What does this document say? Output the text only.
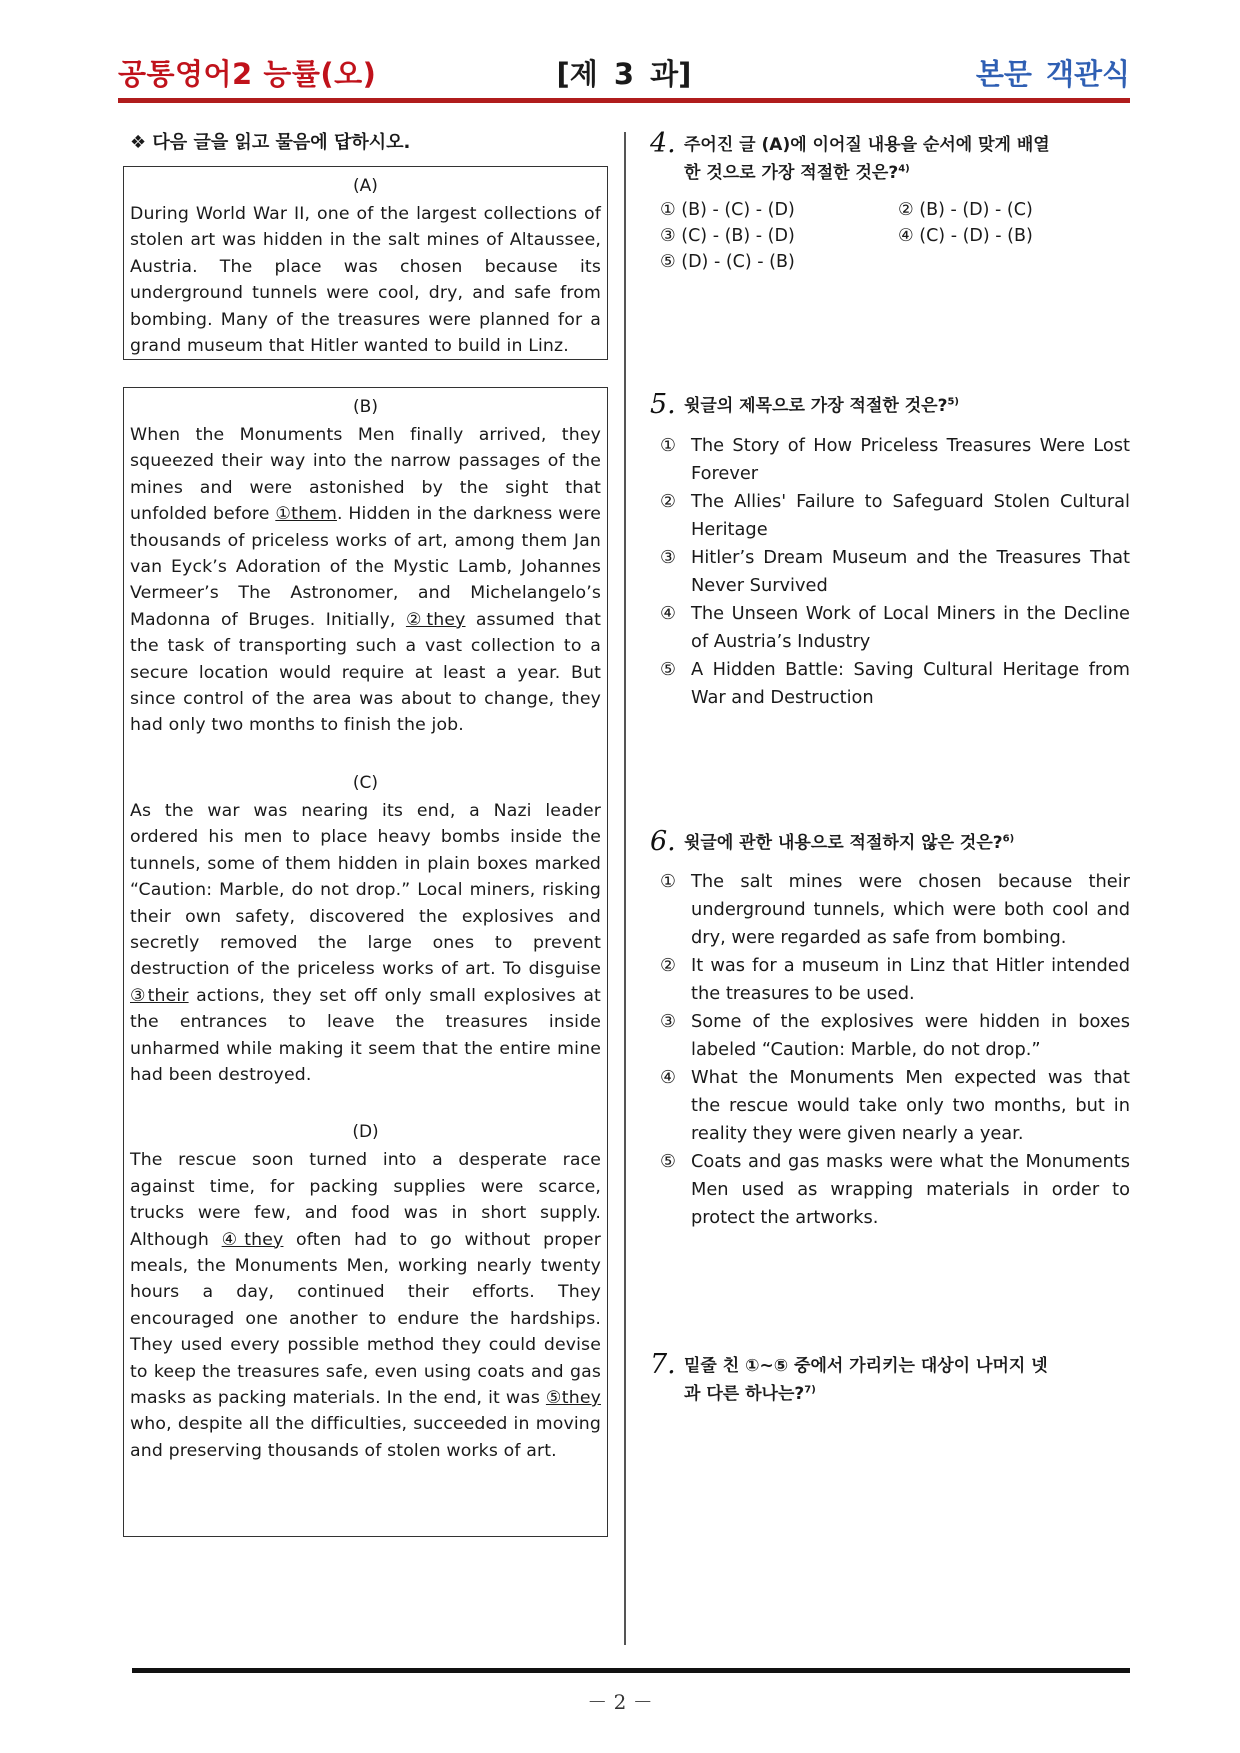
공통영어2 능률(오)	[제 3 과]	본문 객관식
❖ 다음 글을 읽고 물음에 답하시오.
(A)
During World War II, one of the largest collections of stolen art was hidden in the salt mines of Altaussee, Austria. The place was chosen because its underground tunnels were cool, dry, and safe from bombing. Many of the treasures were planned for a grand museum that Hitler wanted to build in Linz.
(B)
When the Monuments Men finally arrived, they squeezed their way into the narrow passages of the mines and were astonished by the sight that unfolded before ①them. Hidden in the darkness were thousands of priceless works of art, among them Jan van Eyck’s Adoration of the Mystic Lamb, Johannes Vermeer’s The Astronomer, and Michelangelo’s Madonna of Bruges. Initially, ②they assumed that the task of transporting such a vast collection to a secure location would require at least a year. But since control of the area was about to change, they had only two months to finish the job.
(C)
As the war was nearing its end, a Nazi leader ordered his men to place heavy bombs inside the tunnels, some of them hidden in plain boxes marked “Caution: Marble, do not drop.” Local miners, risking their own safety, discovered the explosives and secretly removed the large ones to prevent destruction of the priceless works of art. To disguise ③their actions, they set off only small explosives at the entrances to leave the treasures inside unharmed while making it seem that the entire mine had been destroyed.
(D)
The rescue soon turned into a desperate race against time, for packing supplies were scarce, trucks were few, and food was in short supply. Although ④they often had to go without proper meals, the Monuments Men, working nearly twenty hours a day, continued their efforts. They encouraged one another to endure the hardships. They used every possible method they could devise to keep the treasures safe, even using coats and gas masks as packing materials. In the end, it was ⑤they who, despite all the difficulties, succeeded in moving and preserving thousands of stolen works of art.
4. 주어진 글 (A)에 이어질 내용을 순서에 맞게 배열
한 것으로 가장 적절한 것은?$^{4)}$
① (B) - (C) - (D)	② (B) - (D) - (C)
③ (C) - (B) - (D)	④ (C) - (D) - (B)
⑤ (D) - (C) - (B)
5. 윗글의 제목으로 가장 적절한 것은?$^{5)}$
① The Story of How Priceless Treasures Were Lost Forever
② The Allies' Failure to Safeguard Stolen Cultural Heritage
③ Hitler’s Dream Museum and the Treasures That Never Survived
④ The Unseen Work of Local Miners in the Decline of Austria’s Industry
⑤ A Hidden Battle: Saving Cultural Heritage from War and Destruction
6. 윗글에 관한 내용으로 적절하지 않은 것은?$^{6)}$
① The salt mines were chosen because their underground tunnels, which were both cool and dry, were regarded as safe from bombing.
② It was for a museum in Linz that Hitler intended the treasures to be used.
③ Some of the explosives were hidden in boxes labeled “Caution: Marble, do not drop.”
④ What the Monuments Men expected was that the rescue would take only two months, but in reality they were given nearly a year.
⑤ Coats and gas masks were what the Monuments Men used as wrapping materials in order to protect the artworks.
7. 밑줄 친 ①~⑤ 중에서 가리키는 대상이 나머지 넷
과 다른 하나는?$^{7)}$
－ 2 －
